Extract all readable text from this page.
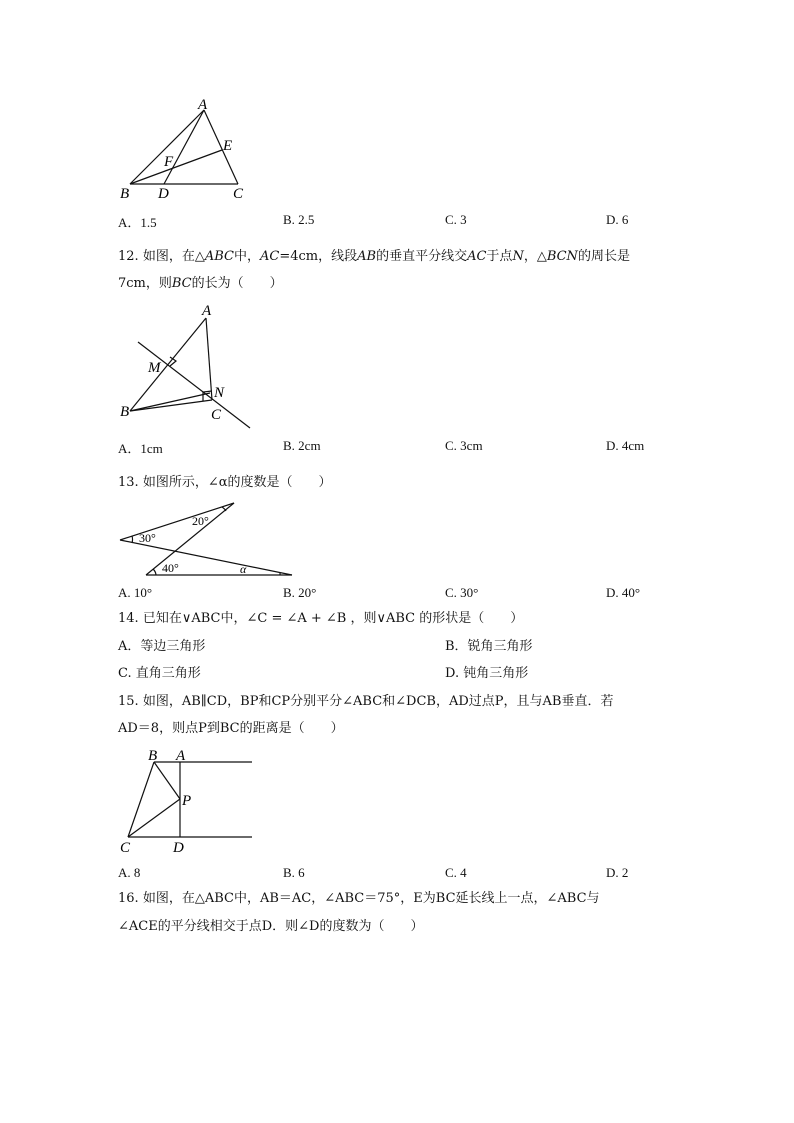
A
E
F
B D	C
A．1.5	B. 2.5	C. 3	D. 6
12. 如图，在△ABC中，AC=4cm，线段AB的垂直平分线交AC于点N，△BCN的周长是
7cm，则BC的长为（　　）
A
M
N
B	C
A．1cm	B. 2cm	C. 3cm	D. 4cm
13. 如图所示，∠α的度数是（　　）
30°
20°
40°	α
A. 10°	B. 20°	C. 30°	D. 40°
14. 已知在∨ABC中，∠C = ∠A + ∠B ，则∨ABC 的形状是（　　）
A．等边三角形	B．锐角三角形
C. 直角三角形	D. 钝角三角形
15. 如图，AB∥CD，BP和CP分别平分∠ABC和∠DCB，AD过点P，且与AB垂直．若
AD＝8，则点P到BC的距离是（　　）
B A
P
C	D
A. 8	B. 6	C. 4	D. 2
16. 如图，在△ABC中，AB＝AC，∠ABC＝75°，E为BC延长线上一点，∠ABC与
∠ACE的平分线相交于点D．则∠D的度数为（　　）
